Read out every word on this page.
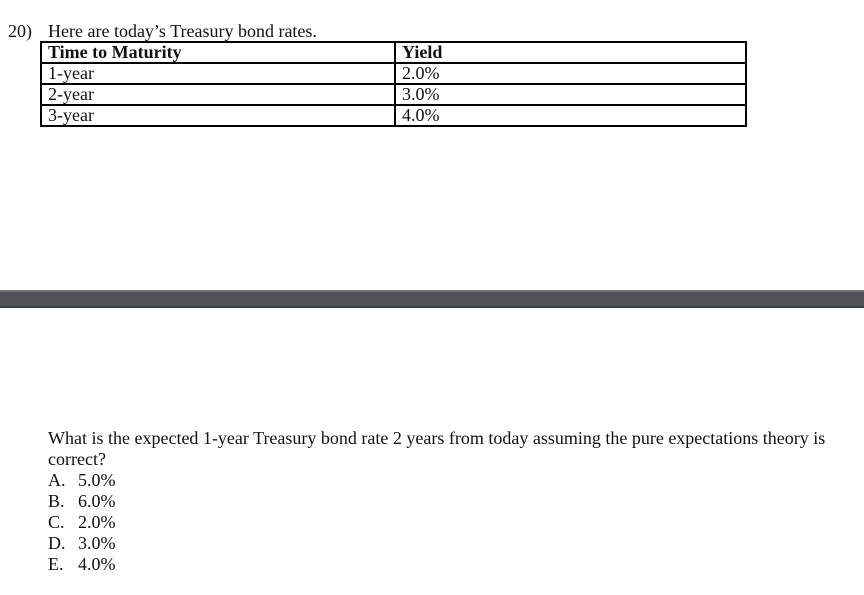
20) Here are today’s Treasury bond rates.
Time to Maturity	Yield
1-year	2.0%
2-year	3.0%
3-year	4.0%
What is the expected 1-year Treasury bond rate 2 years from today assuming the pure expectations theory is correct?
A. 5.0%
B. 6.0%
C. 2.0%
D. 3.0%
E. 4.0%
